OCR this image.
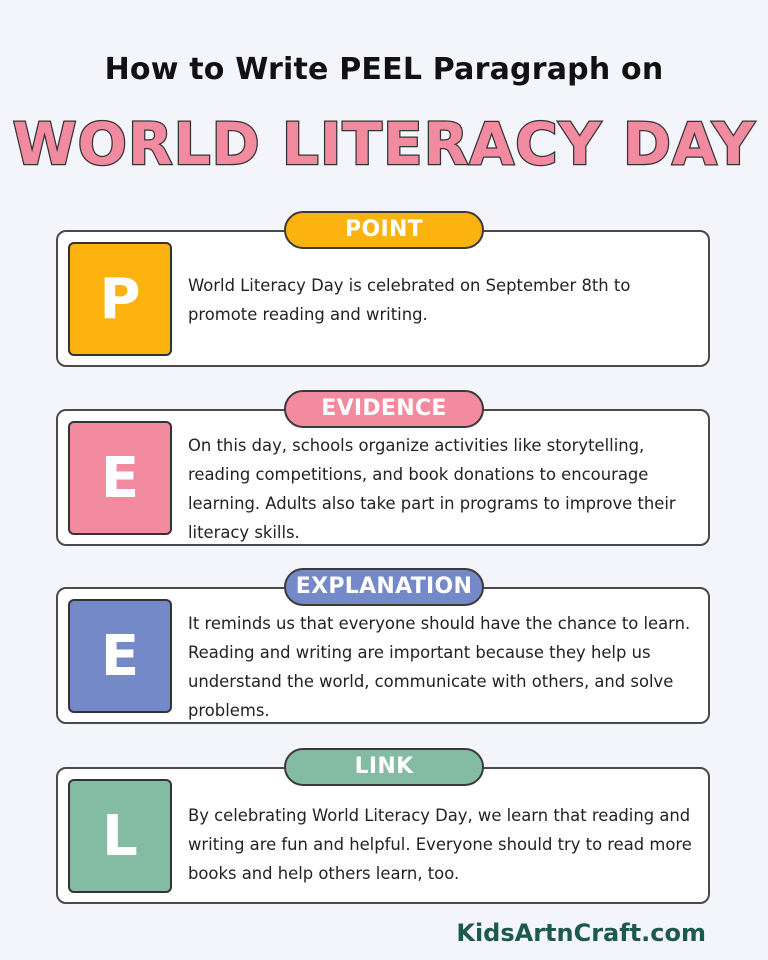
How to Write PEEL Paragraph on
WORLD LITERACY DAY
POINT
P	World Literacy Day is celebrated on September 8th to promote reading and writing.
EVIDENCE
E	On this day, schools organize activities like storytelling, reading competitions, and book donations to encourage learning. Adults also take part in programs to improve their literacy skills.
EXPLANATION
E	It reminds us that everyone should have the chance to learn. Reading and writing are important because they help us understand the world, communicate with others, and solve problems.
LINK
L	By celebrating World Literacy Day, we learn that reading and writing are fun and helpful. Everyone should try to read more books and help others learn, too.
KidsArtnCraft.com
